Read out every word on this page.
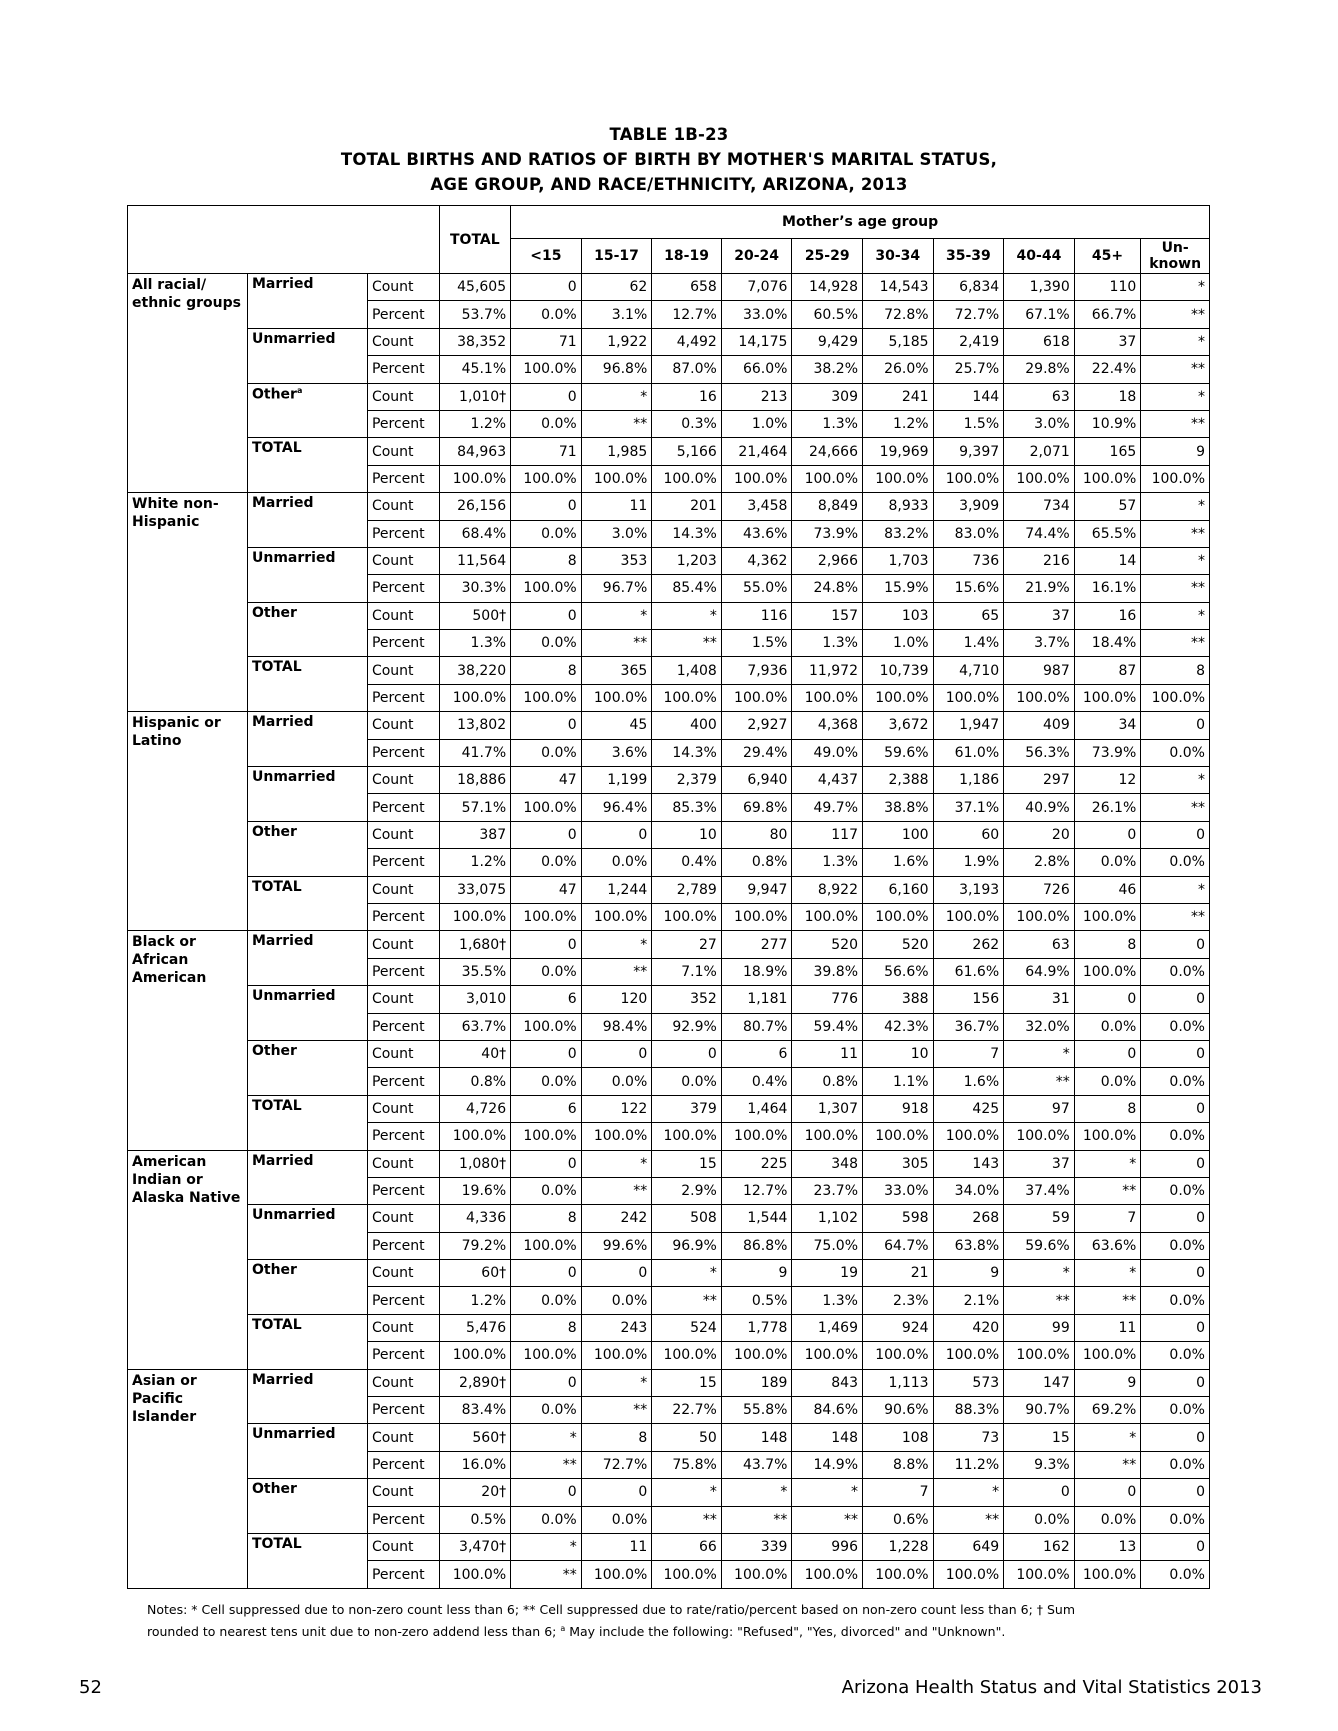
TABLE 1B-23
TOTAL BIRTHS AND RATIOS OF BIRTH BY MOTHER'S MARITAL STATUS,
AGE GROUP, AND RACE/ETHNICITY, ARIZONA, 2013
			TOTAL	Mother’s age group									
				<15	15-17	18-19	20-24	25-29	30-34	35-39	40-44	45+	Un- known
All racial/ ethnic groups	Married	Count	45,605	0	62	658	7,076	14,928	14,543	6,834	1,390	110	*
		Percent	53.7%	0.0%	3.1%	12.7%	33.0%	60.5%	72.8%	72.7%	67.1%	66.7%	**
	Unmarried	Count	38,352	71	1,922	4,492	14,175	9,429	5,185	2,419	618	37	*
		Percent	45.1%	100.0%	96.8%	87.0%	66.0%	38.2%	26.0%	25.7%	29.8%	22.4%	**
	Other$^a$	Count	1,010†	0	*	16	213	309	241	144	63	18	*
		Percent	1.2%	0.0%	**	0.3%	1.0%	1.3%	1.2%	1.5%	3.0%	10.9%	**
	TOTAL	Count	84,963	71	1,985	5,166	21,464	24,666	19,969	9,397	2,071	165	9
		Percent	100.0%	100.0%	100.0%	100.0%	100.0%	100.0%	100.0%	100.0%	100.0%	100.0%	100.0%
White non- Hispanic	Married	Count	26,156	0	11	201	3,458	8,849	8,933	3,909	734	57	*
		Percent	68.4%	0.0%	3.0%	14.3%	43.6%	73.9%	83.2%	83.0%	74.4%	65.5%	**
	Unmarried	Count	11,564	8	353	1,203	4,362	2,966	1,703	736	216	14	*
		Percent	30.3%	100.0%	96.7%	85.4%	55.0%	24.8%	15.9%	15.6%	21.9%	16.1%	**
	Other	Count	500†	0	*	*	116	157	103	65	37	16	*
		Percent	1.3%	0.0%	**	**	1.5%	1.3%	1.0%	1.4%	3.7%	18.4%	**
	TOTAL	Count	38,220	8	365	1,408	7,936	11,972	10,739	4,710	987	87	8
		Percent	100.0%	100.0%	100.0%	100.0%	100.0%	100.0%	100.0%	100.0%	100.0%	100.0%	100.0%
Hispanic or Latino	Married	Count	13,802	0	45	400	2,927	4,368	3,672	1,947	409	34	0
		Percent	41.7%	0.0%	3.6%	14.3%	29.4%	49.0%	59.6%	61.0%	56.3%	73.9%	0.0%
	Unmarried	Count	18,886	47	1,199	2,379	6,940	4,437	2,388	1,186	297	12	*
		Percent	57.1%	100.0%	96.4%	85.3%	69.8%	49.7%	38.8%	37.1%	40.9%	26.1%	**
	Other	Count	387	0	0	10	80	117	100	60	20	0	0
		Percent	1.2%	0.0%	0.0%	0.4%	0.8%	1.3%	1.6%	1.9%	2.8%	0.0%	0.0%
	TOTAL	Count	33,075	47	1,244	2,789	9,947	8,922	6,160	3,193	726	46	*
		Percent	100.0%	100.0%	100.0%	100.0%	100.0%	100.0%	100.0%	100.0%	100.0%	100.0%	**
Black or African American	Married	Count	1,680†	0	*	27	277	520	520	262	63	8	0
		Percent	35.5%	0.0%	**	7.1%	18.9%	39.8%	56.6%	61.6%	64.9%	100.0%	0.0%
	Unmarried	Count	3,010	6	120	352	1,181	776	388	156	31	0	0
		Percent	63.7%	100.0%	98.4%	92.9%	80.7%	59.4%	42.3%	36.7%	32.0%	0.0%	0.0%
	Other	Count	40†	0	0	0	6	11	10	7	*	0	0
		Percent	0.8%	0.0%	0.0%	0.0%	0.4%	0.8%	1.1%	1.6%	**	0.0%	0.0%
	TOTAL	Count	4,726	6	122	379	1,464	1,307	918	425	97	8	0
		Percent	100.0%	100.0%	100.0%	100.0%	100.0%	100.0%	100.0%	100.0%	100.0%	100.0%	0.0%
American Indian or Alaska Native	Married	Count	1,080†	0	*	15	225	348	305	143	37	*	0
		Percent	19.6%	0.0%	**	2.9%	12.7%	23.7%	33.0%	34.0%	37.4%	**	0.0%
	Unmarried	Count	4,336	8	242	508	1,544	1,102	598	268	59	7	0
		Percent	79.2%	100.0%	99.6%	96.9%	86.8%	75.0%	64.7%	63.8%	59.6%	63.6%	0.0%
	Other	Count	60†	0	0	*	9	19	21	9	*	*	0
		Percent	1.2%	0.0%	0.0%	**	0.5%	1.3%	2.3%	2.1%	**	**	0.0%
	TOTAL	Count	5,476	8	243	524	1,778	1,469	924	420	99	11	0
		Percent	100.0%	100.0%	100.0%	100.0%	100.0%	100.0%	100.0%	100.0%	100.0%	100.0%	0.0%
Asian or Pacific Islander	Married	Count	2,890†	0	*	15	189	843	1,113	573	147	9	0
		Percent	83.4%	0.0%	**	22.7%	55.8%	84.6%	90.6%	88.3%	90.7%	69.2%	0.0%
	Unmarried	Count	560†	*	8	50	148	148	108	73	15	*	0
		Percent	16.0%	**	72.7%	75.8%	43.7%	14.9%	8.8%	11.2%	9.3%	**	0.0%
	Other	Count	20†	0	0	*	*	*	7	*	0	0	0
		Percent	0.5%	0.0%	0.0%	**	**	**	0.6%	**	0.0%	0.0%	0.0%
	TOTAL	Count	3,470†	*	11	66	339	996	1,228	649	162	13	0
		Percent	100.0%	**	100.0%	100.0%	100.0%	100.0%	100.0%	100.0%	100.0%	100.0%	0.0%
Notes: * Cell suppressed due to non-zero count less than 6; ** Cell suppressed due to rate/ratio/percent based on non-zero count less than 6; † Sum
rounded to nearest tens unit due to non-zero addend less than 6; $^a$ May include the following: "Refused", "Yes, divorced" and "Unknown".
52	Arizona Health Status and Vital Statistics 2013
